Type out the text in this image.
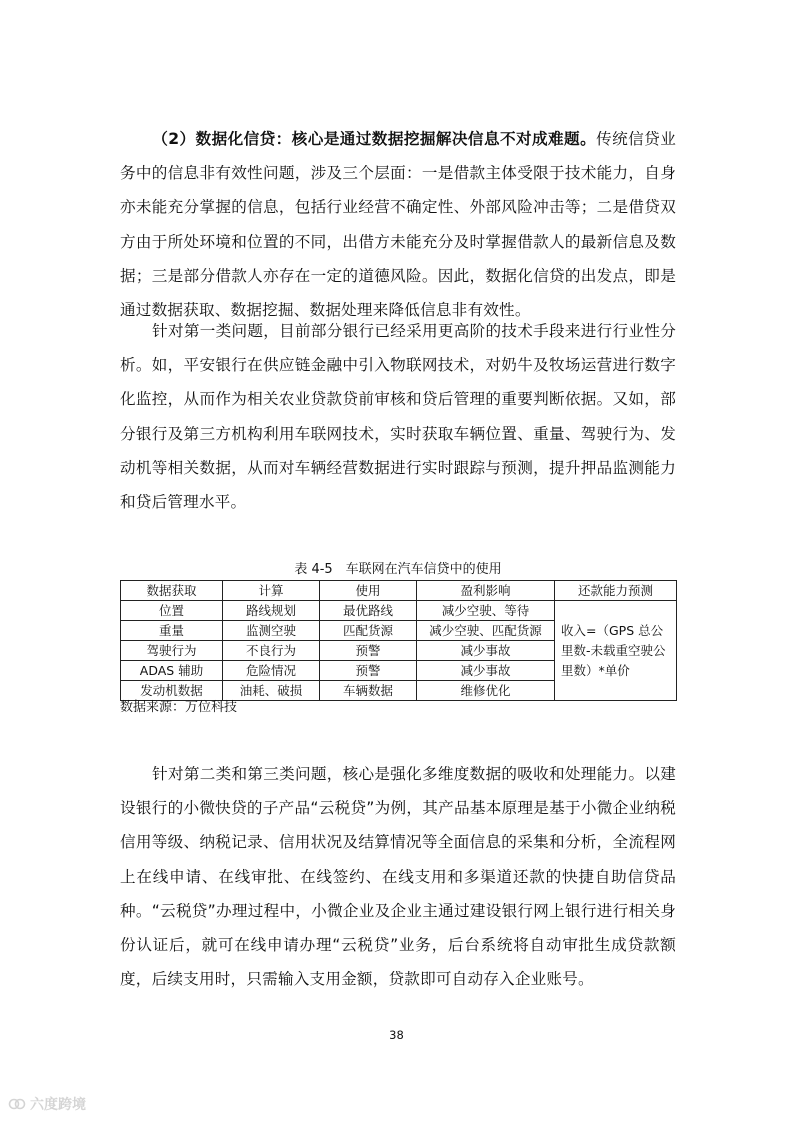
（2）数据化信贷：核心是通过数据挖掘解决信息不对成难题。传统信贷业务中的信息非有效性问题，涉及三个层面：一是借款主体受限于技术能力，自身亦未能充分掌握的信息，包括行业经营不确定性、外部风险冲击等；二是借贷双方由于所处环境和位置的不同，出借方未能充分及时掌握借款人的最新信息及数据；三是部分借款人亦存在一定的道德风险。因此，数据化信贷的出发点，即是通过数据获取、数据挖掘、数据处理来降低信息非有效性。

针对第一类问题，目前部分银行已经采用更高阶的技术手段来进行行业性分析。如，平安银行在供应链金融中引入物联网技术，对奶牛及牧场运营进行数字化监控，从而作为相关农业贷款贷前审核和贷后管理的重要判断依据。又如，部分银行及第三方机构利用车联网技术，实时获取车辆位置、重量、驾驶行为、发动机等相关数据，从而对车辆经营数据进行实时跟踪与预测，提升押品监测能力和贷后管理水平。

表 4-5　车联网在汽车信贷中的使用
数据获取	计算	使用	盈利影响	还款能力预测
位置	路线规划	最优路线	减少空驶、等待	收入=（GPS 总公里数-未载重空驶公里数）*单价
重量	监测空驶	匹配货源	减少空驶、匹配货源	
驾驶行为	不良行为	预警	减少事故	
ADAS 辅助	危险情况	预警	减少事故	
发动机数据	油耗、破损	车辆数据	维修优化	
数据来源：万位科技

针对第二类和第三类问题，核心是强化多维度数据的吸收和处理能力。以建设银行的小微快贷的子产品“云税贷”为例，其产品基本原理是基于小微企业纳税信用等级、纳税记录、信用状况及结算情况等全面信息的采集和分析，全流程网上在线申请、在线审批、在线签约、在线支用和多渠道还款的快捷自助信贷品种。“云税贷”办理过程中，小微企业及企业主通过建设银行网上银行进行相关身份认证后，就可在线申请办理“云税贷”业务，后台系统将自动审批生成贷款额度，后续支用时，只需输入支用金额，贷款即可自动存入企业账号。

38
六度跨境
